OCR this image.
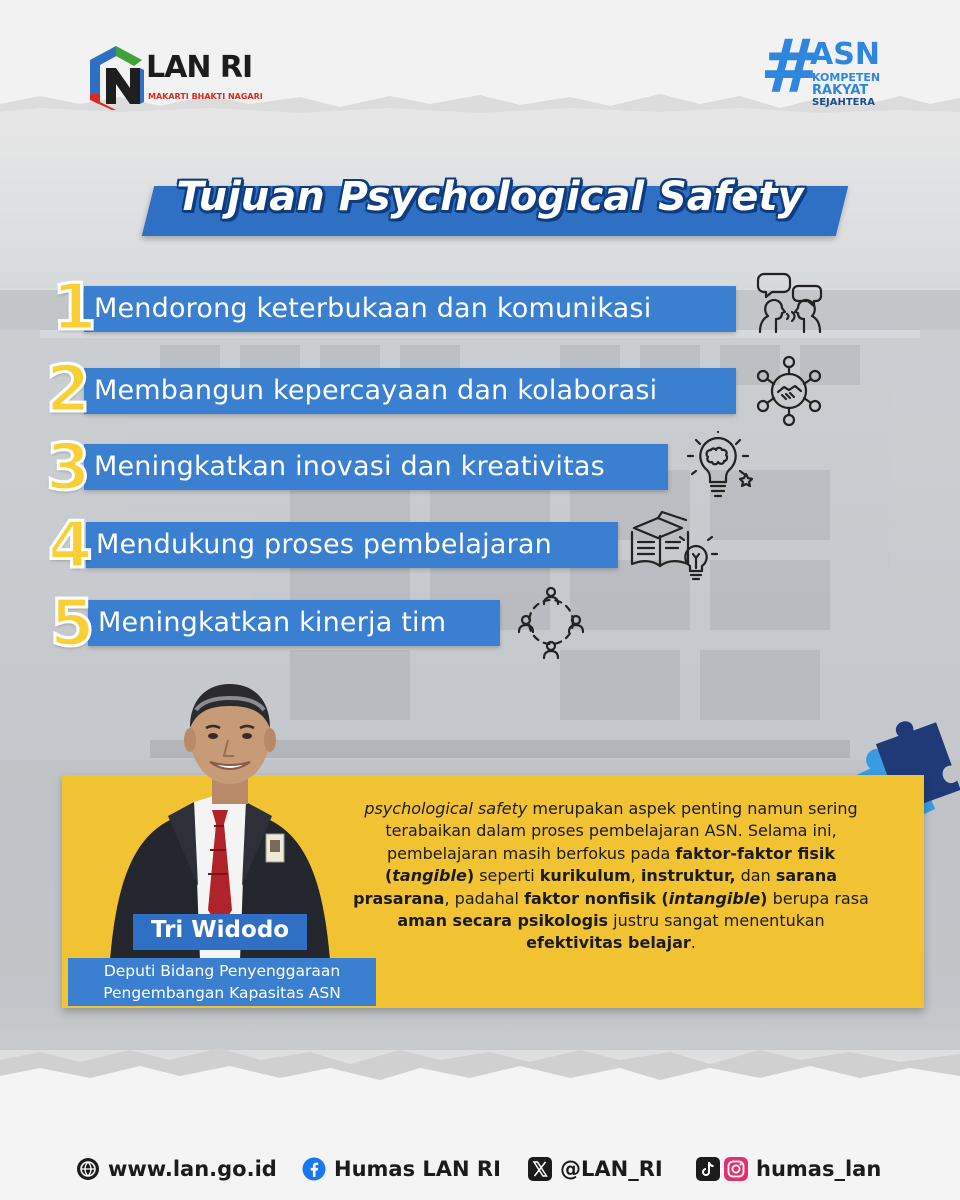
LAN RI
MAKARTI BHAKTI NAGARI	#
ASN
KOMPETEN
RAKYAT
SEJAHTERA
Tujuan Psychological Safety
Mendorong keterbukaan dan komunikasi
1
Membangun kepercayaan dan kolaborasi
2
Meningkatkan inovasi dan kreativitas
3
Mendukung proses pembelajaran
4
Meningkatkan kinerja tim
5
Tri Widodo
Deputi Bidang Penyenggaraan
Pengembangan Kapasitas ASN
psychological safety merupakan aspek penting namun sering terabaikan dalam proses pembelajaran ASN. Selama ini, pembelajaran masih berfokus pada faktor-faktor fisik (tangible) seperti kurikulum, instruktur, dan sarana prasarana, padahal faktor nonfisik (intangible) berupa rasa aman secara psikologis justru sangat menentukan efektivitas belajar.
www.lan.go.id	Humas LAN RI	@LAN_RI	humas_lan
